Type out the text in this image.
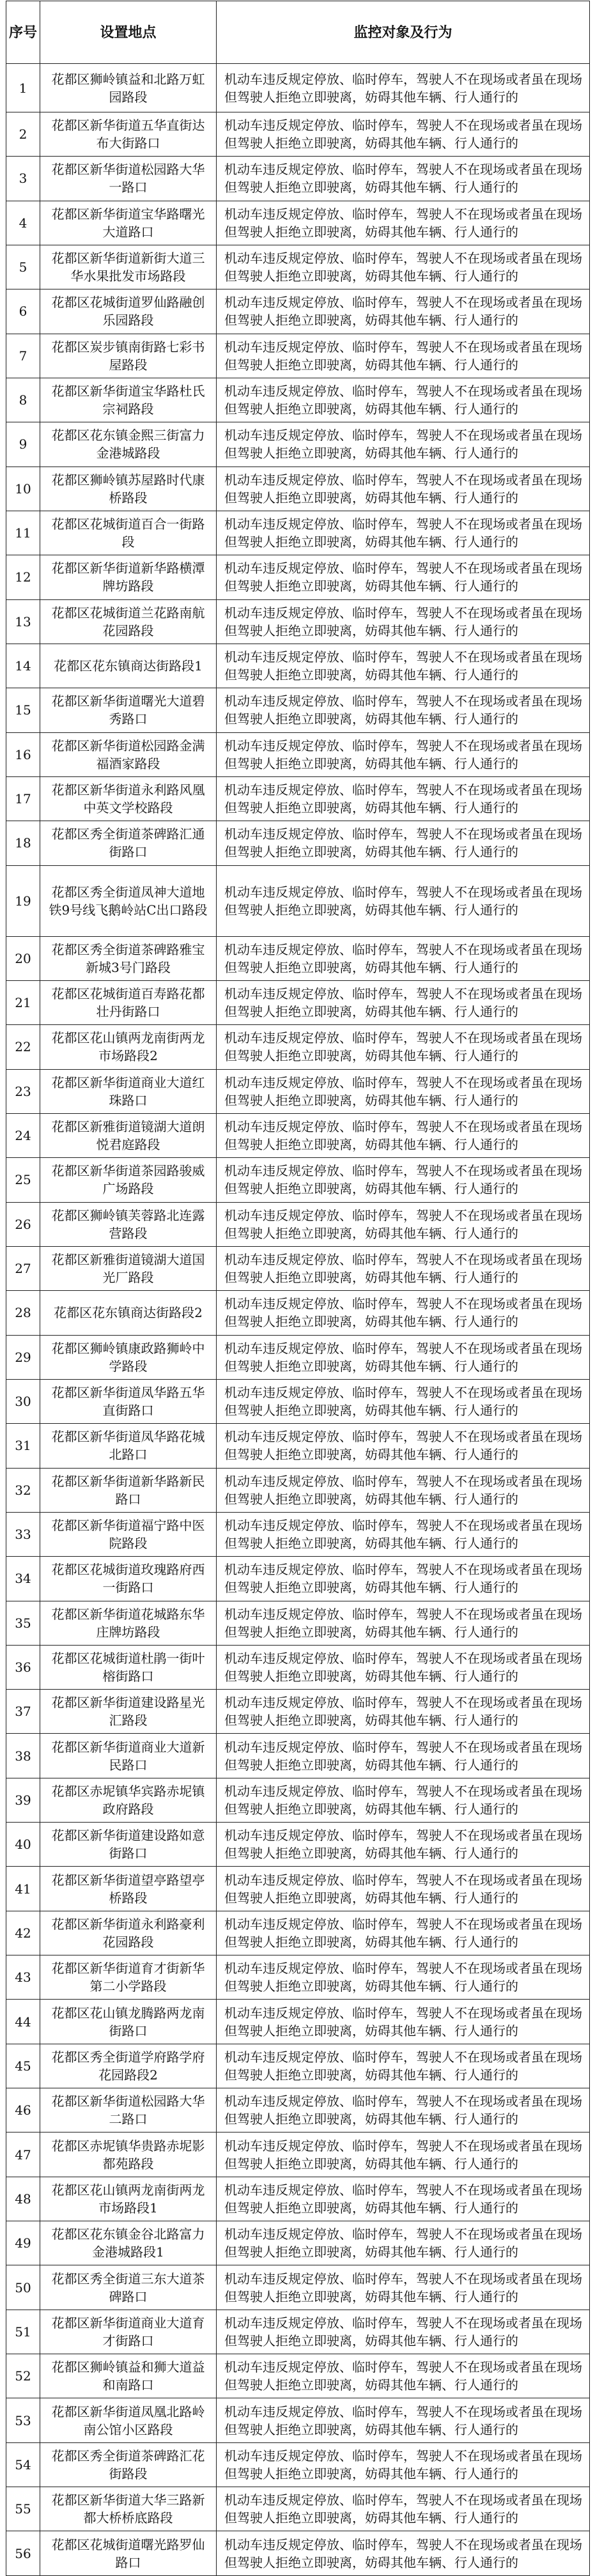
序号	设置地点	监控对象及行为
1	花都区狮岭镇益和北路万虹园路段	机动车违反规定停放、临时停车，驾驶人不在现场或者虽在现场但驾驶人拒绝立即驶离，妨碍其他车辆、行人通行的
2	花都区新华街道五华直街达布大街路口	机动车违反规定停放、临时停车，驾驶人不在现场或者虽在现场但驾驶人拒绝立即驶离，妨碍其他车辆、行人通行的
3	花都区新华街道松园路大华一路口	机动车违反规定停放、临时停车，驾驶人不在现场或者虽在现场但驾驶人拒绝立即驶离，妨碍其他车辆、行人通行的
4	花都区新华街道宝华路曙光大道路口	机动车违反规定停放、临时停车，驾驶人不在现场或者虽在现场但驾驶人拒绝立即驶离，妨碍其他车辆、行人通行的
5	花都区新华街道新街大道三华水果批发市场路段	机动车违反规定停放、临时停车，驾驶人不在现场或者虽在现场但驾驶人拒绝立即驶离，妨碍其他车辆、行人通行的
6	花都区花城街道罗仙路融创乐园路段	机动车违反规定停放、临时停车，驾驶人不在现场或者虽在现场但驾驶人拒绝立即驶离，妨碍其他车辆、行人通行的
7	花都区炭步镇南街路七彩书屋路段	机动车违反规定停放、临时停车，驾驶人不在现场或者虽在现场但驾驶人拒绝立即驶离，妨碍其他车辆、行人通行的
8	花都区新华街道宝华路杜氏宗祠路段	机动车违反规定停放、临时停车，驾驶人不在现场或者虽在现场但驾驶人拒绝立即驶离，妨碍其他车辆、行人通行的
9	花都区花东镇金熙三街富力金港城路段	机动车违反规定停放、临时停车，驾驶人不在现场或者虽在现场但驾驶人拒绝立即驶离，妨碍其他车辆、行人通行的
10	花都区狮岭镇苏屋路时代康桥路段	机动车违反规定停放、临时停车，驾驶人不在现场或者虽在现场但驾驶人拒绝立即驶离，妨碍其他车辆、行人通行的
11	花都区花城街道百合一街路段	机动车违反规定停放、临时停车，驾驶人不在现场或者虽在现场但驾驶人拒绝立即驶离，妨碍其他车辆、行人通行的
12	花都区新华街道新华路横潭牌坊路段	机动车违反规定停放、临时停车，驾驶人不在现场或者虽在现场但驾驶人拒绝立即驶离，妨碍其他车辆、行人通行的
13	花都区花城街道兰花路南航花园路段	机动车违反规定停放、临时停车，驾驶人不在现场或者虽在现场但驾驶人拒绝立即驶离，妨碍其他车辆、行人通行的
14	花都区花东镇商达街路段1	机动车违反规定停放、临时停车，驾驶人不在现场或者虽在现场但驾驶人拒绝立即驶离，妨碍其他车辆、行人通行的
15	花都区新华街道曙光大道碧秀路口	机动车违反规定停放、临时停车，驾驶人不在现场或者虽在现场但驾驶人拒绝立即驶离，妨碍其他车辆、行人通行的
16	花都区新华街道松园路金满福酒家路段	机动车违反规定停放、临时停车，驾驶人不在现场或者虽在现场但驾驶人拒绝立即驶离，妨碍其他车辆、行人通行的
17	花都区新华街道永利路风凰中英文学校路段	机动车违反规定停放、临时停车，驾驶人不在现场或者虽在现场但驾驶人拒绝立即驶离，妨碍其他车辆、行人通行的
18	花都区秀全街道茶碑路汇通街路口	机动车违反规定停放、临时停车，驾驶人不在现场或者虽在现场但驾驶人拒绝立即驶离，妨碍其他车辆、行人通行的
19	花都区秀全街道凤神大道地铁9号线飞鹅岭站C出口路段	机动车违反规定停放、临时停车，驾驶人不在现场或者虽在现场但驾驶人拒绝立即驶离，妨碍其他车辆、行人通行的
20	花都区秀全街道茶碑路雅宝新城3号门路段	机动车违反规定停放、临时停车，驾驶人不在现场或者虽在现场但驾驶人拒绝立即驶离，妨碍其他车辆、行人通行的
21	花都区花城街道百寿路花都壮丹街路口	机动车违反规定停放、临时停车，驾驶人不在现场或者虽在现场但驾驶人拒绝立即驶离，妨碍其他车辆、行人通行的
22	花都区花山镇两龙南街两龙市场路段2	机动车违反规定停放、临时停车，驾驶人不在现场或者虽在现场但驾驶人拒绝立即驶离，妨碍其他车辆、行人通行的
23	花都区新华街道商业大道红珠路口	机动车违反规定停放、临时停车，驾驶人不在现场或者虽在现场但驾驶人拒绝立即驶离，妨碍其他车辆、行人通行的
24	花都区新雅街道镜湖大道朗悦君庭路段	机动车违反规定停放、临时停车，驾驶人不在现场或者虽在现场但驾驶人拒绝立即驶离，妨碍其他车辆、行人通行的
25	花都区新华街道茶园路骏威广场路段	机动车违反规定停放、临时停车，驾驶人不在现场或者虽在现场但驾驶人拒绝立即驶离，妨碍其他车辆、行人通行的
26	花都区狮岭镇芙蓉路北连露营路段	机动车违反规定停放、临时停车，驾驶人不在现场或者虽在现场但驾驶人拒绝立即驶离，妨碍其他车辆、行人通行的
27	花都区新雅街道镜湖大道国光厂路段	机动车违反规定停放、临时停车，驾驶人不在现场或者虽在现场但驾驶人拒绝立即驶离，妨碍其他车辆、行人通行的
28	花都区花东镇商达街路段2	机动车违反规定停放、临时停车，驾驶人不在现场或者虽在现场但驾驶人拒绝立即驶离，妨碍其他车辆、行人通行的
29	花都区狮岭镇康政路狮岭中学路段	机动车违反规定停放、临时停车，驾驶人不在现场或者虽在现场但驾驶人拒绝立即驶离，妨碍其他车辆、行人通行的
30	花都区新华街道凤华路五华直街路口	机动车违反规定停放、临时停车，驾驶人不在现场或者虽在现场但驾驶人拒绝立即驶离，妨碍其他车辆、行人通行的
31	花都区新华街道凤华路花城北路口	机动车违反规定停放、临时停车，驾驶人不在现场或者虽在现场但驾驶人拒绝立即驶离，妨碍其他车辆、行人通行的
32	花都区新华街道新华路新民路口	机动车违反规定停放、临时停车，驾驶人不在现场或者虽在现场但驾驶人拒绝立即驶离，妨碍其他车辆、行人通行的
33	花都区新华街道福宁路中医院路段	机动车违反规定停放、临时停车，驾驶人不在现场或者虽在现场但驾驶人拒绝立即驶离，妨碍其他车辆、行人通行的
34	花都区花城街道玫瑰路府西一街路口	机动车违反规定停放、临时停车，驾驶人不在现场或者虽在现场但驾驶人拒绝立即驶离，妨碍其他车辆、行人通行的
35	花都区新华街道花城路东华庄牌坊路段	机动车违反规定停放、临时停车，驾驶人不在现场或者虽在现场但驾驶人拒绝立即驶离，妨碍其他车辆、行人通行的
36	花都区花城街道杜鹃一街叶榕街路口	机动车违反规定停放、临时停车，驾驶人不在现场或者虽在现场但驾驶人拒绝立即驶离，妨碍其他车辆、行人通行的
37	花都区新华街道建设路星光汇路段	机动车违反规定停放、临时停车，驾驶人不在现场或者虽在现场但驾驶人拒绝立即驶离，妨碍其他车辆、行人通行的
38	花都区新华街道商业大道新民路口	机动车违反规定停放、临时停车，驾驶人不在现场或者虽在现场但驾驶人拒绝立即驶离，妨碍其他车辆、行人通行的
39	花都区赤坭镇华宾路赤坭镇政府路段	机动车违反规定停放、临时停车，驾驶人不在现场或者虽在现场但驾驶人拒绝立即驶离，妨碍其他车辆、行人通行的
40	花都区新华街道建设路如意街路口	机动车违反规定停放、临时停车，驾驶人不在现场或者虽在现场但驾驶人拒绝立即驶离，妨碍其他车辆、行人通行的
41	花都区新华街道望亭路望亭桥路段	机动车违反规定停放、临时停车，驾驶人不在现场或者虽在现场但驾驶人拒绝立即驶离，妨碍其他车辆、行人通行的
42	花都区新华街道永利路豪利花园路段	机动车违反规定停放、临时停车，驾驶人不在现场或者虽在现场但驾驶人拒绝立即驶离，妨碍其他车辆、行人通行的
43	花都区新华街道育才街新华第二小学路段	机动车违反规定停放、临时停车，驾驶人不在现场或者虽在现场但驾驶人拒绝立即驶离，妨碍其他车辆、行人通行的
44	花都区花山镇龙腾路两龙南街路口	机动车违反规定停放、临时停车，驾驶人不在现场或者虽在现场但驾驶人拒绝立即驶离，妨碍其他车辆、行人通行的
45	花都区秀全街道学府路学府花园路段2	机动车违反规定停放、临时停车，驾驶人不在现场或者虽在现场但驾驶人拒绝立即驶离，妨碍其他车辆、行人通行的
46	花都区新华街道松园路大华二路口	机动车违反规定停放、临时停车，驾驶人不在现场或者虽在现场但驾驶人拒绝立即驶离，妨碍其他车辆、行人通行的
47	花都区赤坭镇华贵路赤坭影都苑路段	机动车违反规定停放、临时停车，驾驶人不在现场或者虽在现场但驾驶人拒绝立即驶离，妨碍其他车辆、行人通行的
48	花都区花山镇两龙南街两龙市场路段1	机动车违反规定停放、临时停车，驾驶人不在现场或者虽在现场但驾驶人拒绝立即驶离，妨碍其他车辆、行人通行的
49	花都区花东镇金谷北路富力金港城路段1	机动车违反规定停放、临时停车，驾驶人不在现场或者虽在现场但驾驶人拒绝立即驶离，妨碍其他车辆、行人通行的
50	花都区秀全街道三东大道茶碑路口	机动车违反规定停放、临时停车，驾驶人不在现场或者虽在现场但驾驶人拒绝立即驶离，妨碍其他车辆、行人通行的
51	花都区新华街道商业大道育才街路口	机动车违反规定停放、临时停车，驾驶人不在现场或者虽在现场但驾驶人拒绝立即驶离，妨碍其他车辆、行人通行的
52	花都区狮岭镇益和狮大道益和南路口	机动车违反规定停放、临时停车，驾驶人不在现场或者虽在现场但驾驶人拒绝立即驶离，妨碍其他车辆、行人通行的
53	花都区新华街道凤凰北路岭南公馆小区路段	机动车违反规定停放、临时停车，驾驶人不在现场或者虽在现场但驾驶人拒绝立即驶离，妨碍其他车辆、行人通行的
54	花都区秀全街道茶碑路汇花街路段	机动车违反规定停放、临时停车，驾驶人不在现场或者虽在现场但驾驶人拒绝立即驶离，妨碍其他车辆、行人通行的
55	花都区新华街道大华三路新都大桥桥底路段	机动车违反规定停放、临时停车，驾驶人不在现场或者虽在现场但驾驶人拒绝立即驶离，妨碍其他车辆、行人通行的
56	花都区花城街道曙光路罗仙路口	机动车违反规定停放、临时停车，驾驶人不在现场或者虽在现场但驾驶人拒绝立即驶离，妨碍其他车辆、行人通行的
